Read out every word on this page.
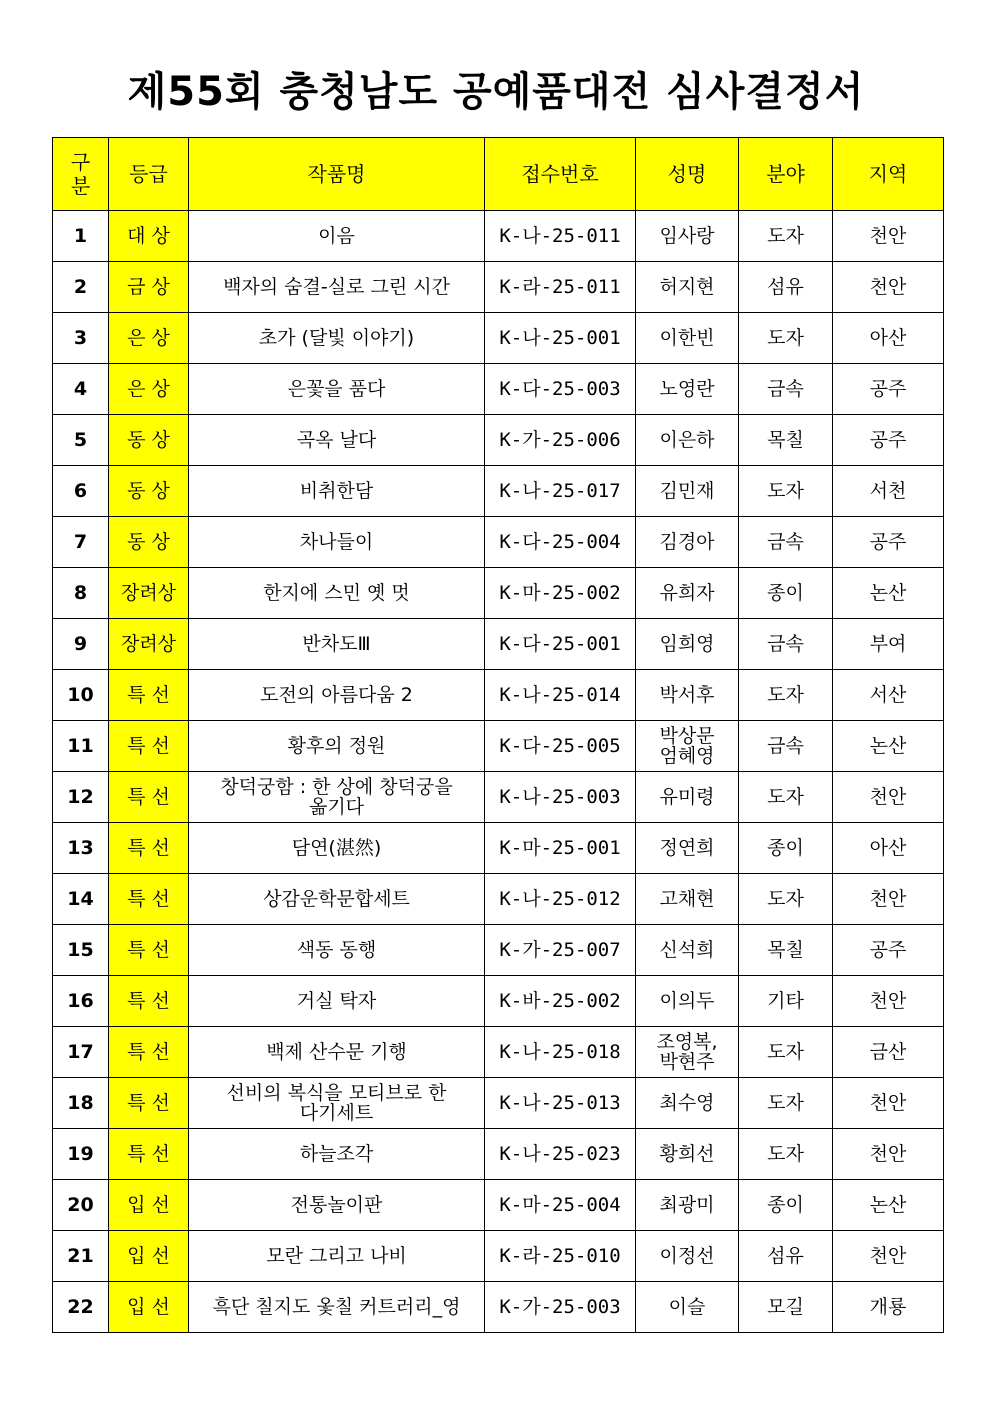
제55회 충청남도 공예품대전 심사결정서
구
분	등급	작품명	접수번호	성명	분야	지역
1	대 상	이음	K-나-25-011	임사랑	도자	천안
2	금 상	백자의 숨결-실로 그린 시간	K-라-25-011	허지현	섬유	천안
3	은 상	초가 (달빛 이야기)	K-나-25-001	이한빈	도자	아산
4	은 상	은꽃을 품다	K-다-25-003	노영란	금속	공주
5	동 상	곡옥 날다	K-가-25-006	이은하	목칠	공주
6	동 상	비취한담	K-나-25-017	김민재	도자	서천
7	동 상	차나들이	K-다-25-004	김경아	금속	공주
8	장려상	한지에 스민 옛 멋	K-마-25-002	유희자	종이	논산
9	장려상	반차도Ⅲ	K-다-25-001	임희영	금속	부여
10	특 선	도전의 아름다움 2	K-나-25-014	박서후	도자	서산
11	특 선	황후의 정원	K-다-25-005	박상문
엄혜영	금속	논산
12	특 선	창덕궁함 : 한 상에 창덕궁을
옮기다	K-나-25-003	유미령	도자	천안
13	특 선	담연(湛然)	K-마-25-001	정연희	종이	아산
14	특 선	상감운학문합세트	K-나-25-012	고채현	도자	천안
15	특 선	색동 동행	K-가-25-007	신석희	목칠	공주
16	특 선	거실 탁자	K-바-25-002	이의두	기타	천안
17	특 선	백제 산수문 기행	K-나-25-018	조영복,
박현주	도자	금산
18	특 선	선비의 복식을 모티브로 한
다기세트	K-나-25-013	최수영	도자	천안
19	특 선	하늘조각	K-나-25-023	황희선	도자	천안
20	입 선	전통놀이판	K-마-25-004	최광미	종이	논산
21	입 선	모란 그리고 나비	K-라-25-010	이정선	섬유	천안
22	입 선	흑단 칠지도 옻칠 커트러리_영	K-가-25-003	이슬	모길	개룡
